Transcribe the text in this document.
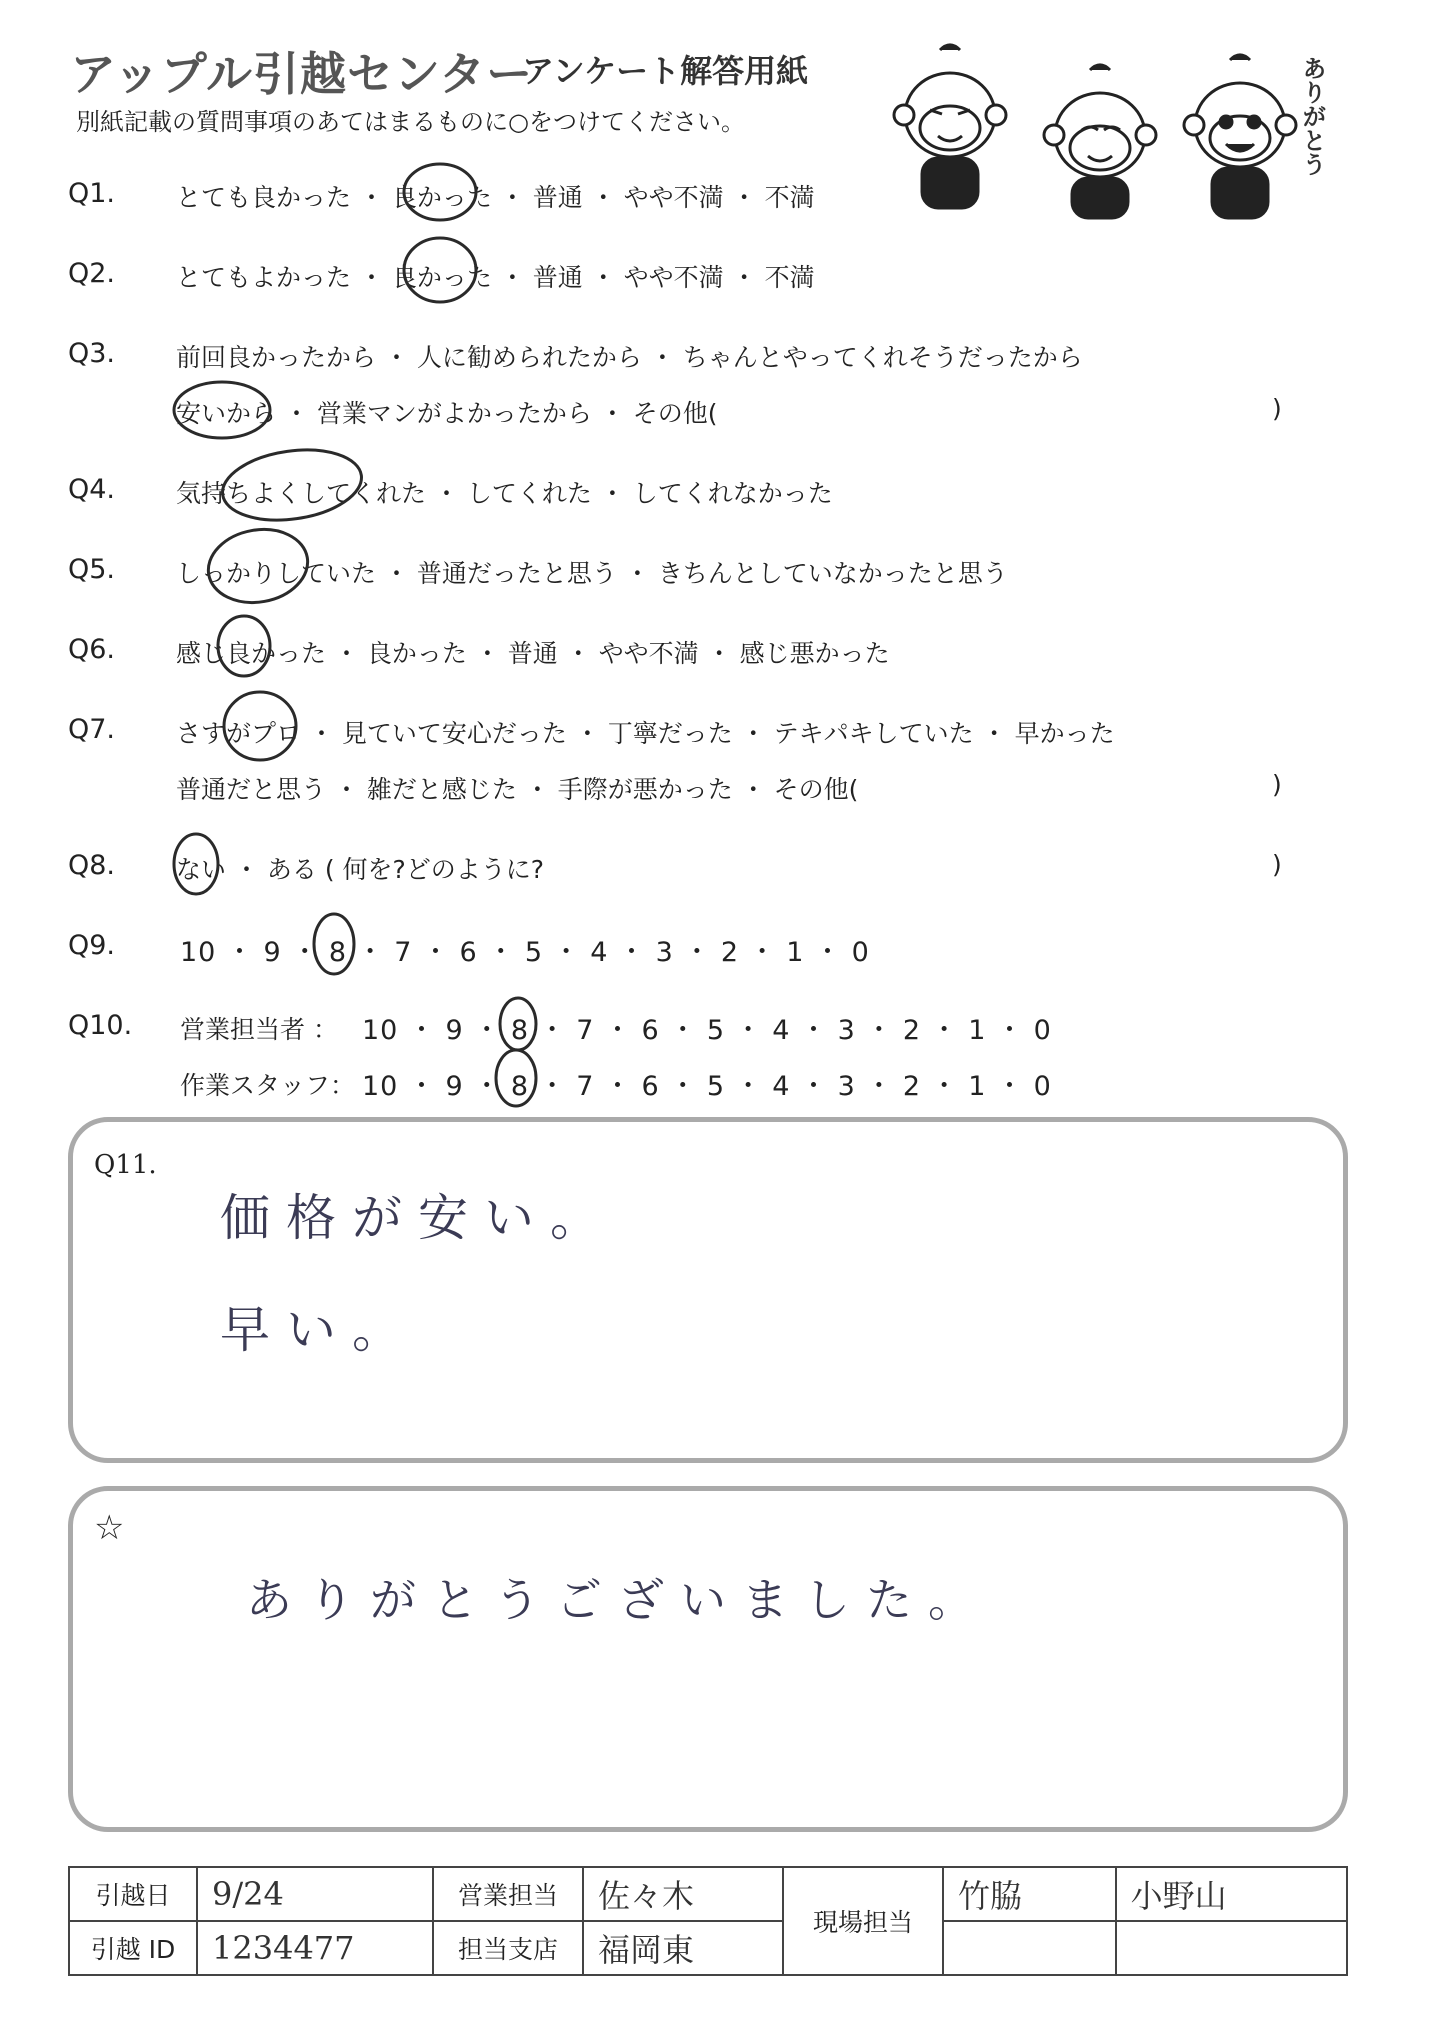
アップル引越センター
アンケート解答用紙
別紙記載の質問事項のあてはまるものに○をつけてください。	ありがとう
Q1. とても良かった ・ 良かった ・ 普通 ・ やや不満 ・ 不満
Q2. とてもよかった ・ 良かった ・ 普通 ・ やや不満 ・ 不満
Q3. 前回良かったから ・ 人に勧められたから ・ ちゃんとやってくれそうだったから
安いから ・ 営業マンがよかったから ・ その他(	)
Q4. 気持ちよくしてくれた ・ してくれた ・ してくれなかった
Q5. しっかりしていた ・ 普通だったと思う ・ きちんとしていなかったと思う
Q6. 感じ良かった ・ 良かった ・ 普通 ・ やや不満 ・ 感じ悪かった
Q7. さすがプロ ・ 見ていて安心だった ・ 丁寧だった ・ テキパキしていた ・ 早かった
普通だと思う ・ 雑だと感じた ・ 手際が悪かった ・ その他(	)
Q8. ない ・ ある ( 何を?どのように?	)
Q9. 10 ・ 9 ・ 8 ・ 7 ・ 6 ・ 5 ・ 4 ・ 3 ・ 2 ・ 1 ・ 0
Q10. 営業担当者 ： 10 ・ 9 ・ 8 ・ 7 ・ 6 ・ 5 ・ 4 ・ 3 ・ 2 ・ 1 ・ 0
作業スタッフ： 10 ・ 9 ・ 8 ・ 7 ・ 6 ・ 5 ・ 4 ・ 3 ・ 2 ・ 1 ・ 0
Q11.
価格が安い。
早い。
☆
ありがとうございました。
引越日	9/24	営業担当	佐々木	現場担当	竹脇	小野山
引越 ID	1234477	担当支店	福岡東			
